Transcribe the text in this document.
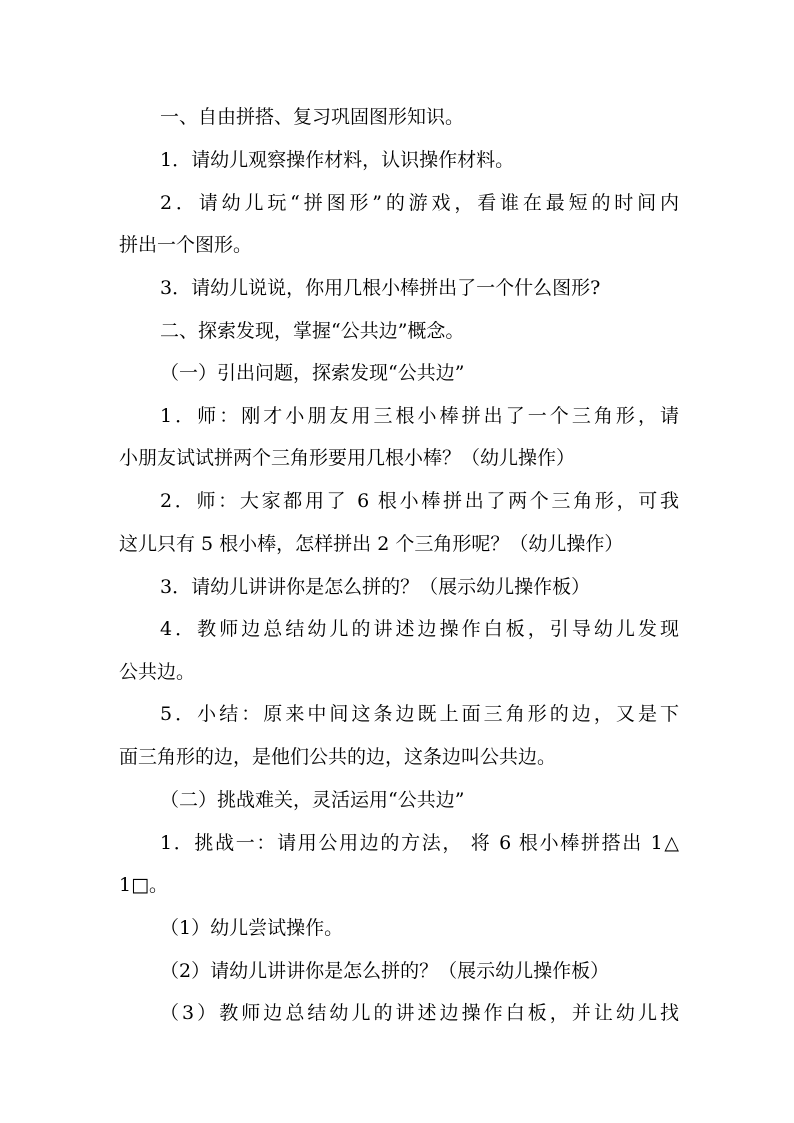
一、自由拼搭、复习巩固图形知识。

1．请幼儿观察操作材料，认识操作材料。

2．请幼儿玩“拼图形”的游戏，看谁在最短的时间内

拼出一个图形。

3．请幼儿说说，你用几根小棒拼出了一个什么图形?

二、探索发现，掌握“公共边”概念。

（一）引出问题，探索发现“公共边”

1．师：刚才小朋友用三根小棒拼出了一个三角形，请

小朋友试试拼两个三角形要用几根小棒？（幼儿操作）

2．师：大家都用了 6 根小棒拼出了两个三角形，可我

这儿只有 5 根小棒，怎样拼出 2 个三角形呢？（幼儿操作）

3．请幼儿讲讲你是怎么拼的？（展示幼儿操作板）

4．教师边总结幼儿的讲述边操作白板，引导幼儿发现

公共边。

5．小结：原来中间这条边既上面三角形的边，又是下

面三角形的边，是他们公共的边，这条边叫公共边。

（二）挑战难关，灵活运用“公共边”

1．挑战一：请用公用边的方法， 将 6 根小棒拼搭出 1△

1□。

（1）幼儿尝试操作。

（2）请幼儿讲讲你是怎么拼的？（展示幼儿操作板）

（3）教师边总结幼儿的讲述边操作白板，并让幼儿找
